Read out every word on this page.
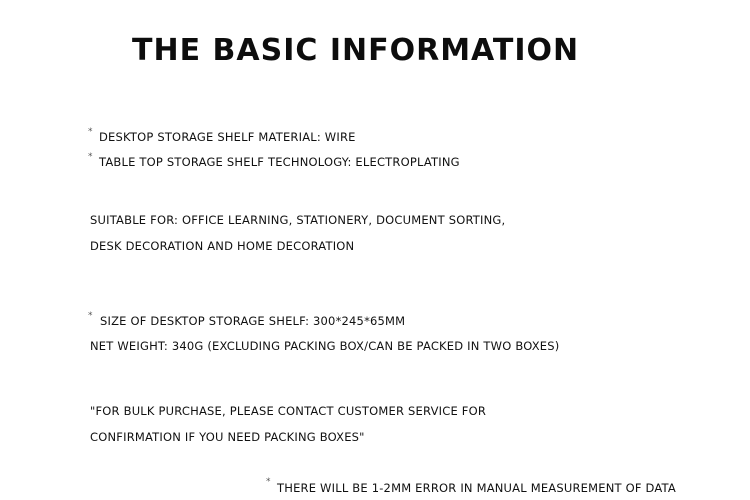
THE BASIC INFORMATION
* DESKTOP STORAGE SHELF MATERIAL: WIRE
* TABLE TOP STORAGE SHELF TECHNOLOGY: ELECTROPLATING
SUITABLE FOR: OFFICE LEARNING, STATIONERY, DOCUMENT SORTING,
DESK DECORATION AND HOME DECORATION
* SIZE OF DESKTOP STORAGE SHELF: 300*245*65MM
NET WEIGHT: 340G (EXCLUDING PACKING BOX/CAN BE PACKED IN TWO BOXES)
"FOR BULK PURCHASE, PLEASE CONTACT CUSTOMER SERVICE FOR
CONFIRMATION IF YOU NEED PACKING BOXES"
* THERE WILL BE 1-2MM ERROR IN MANUAL MEASUREMENT OF DATA
